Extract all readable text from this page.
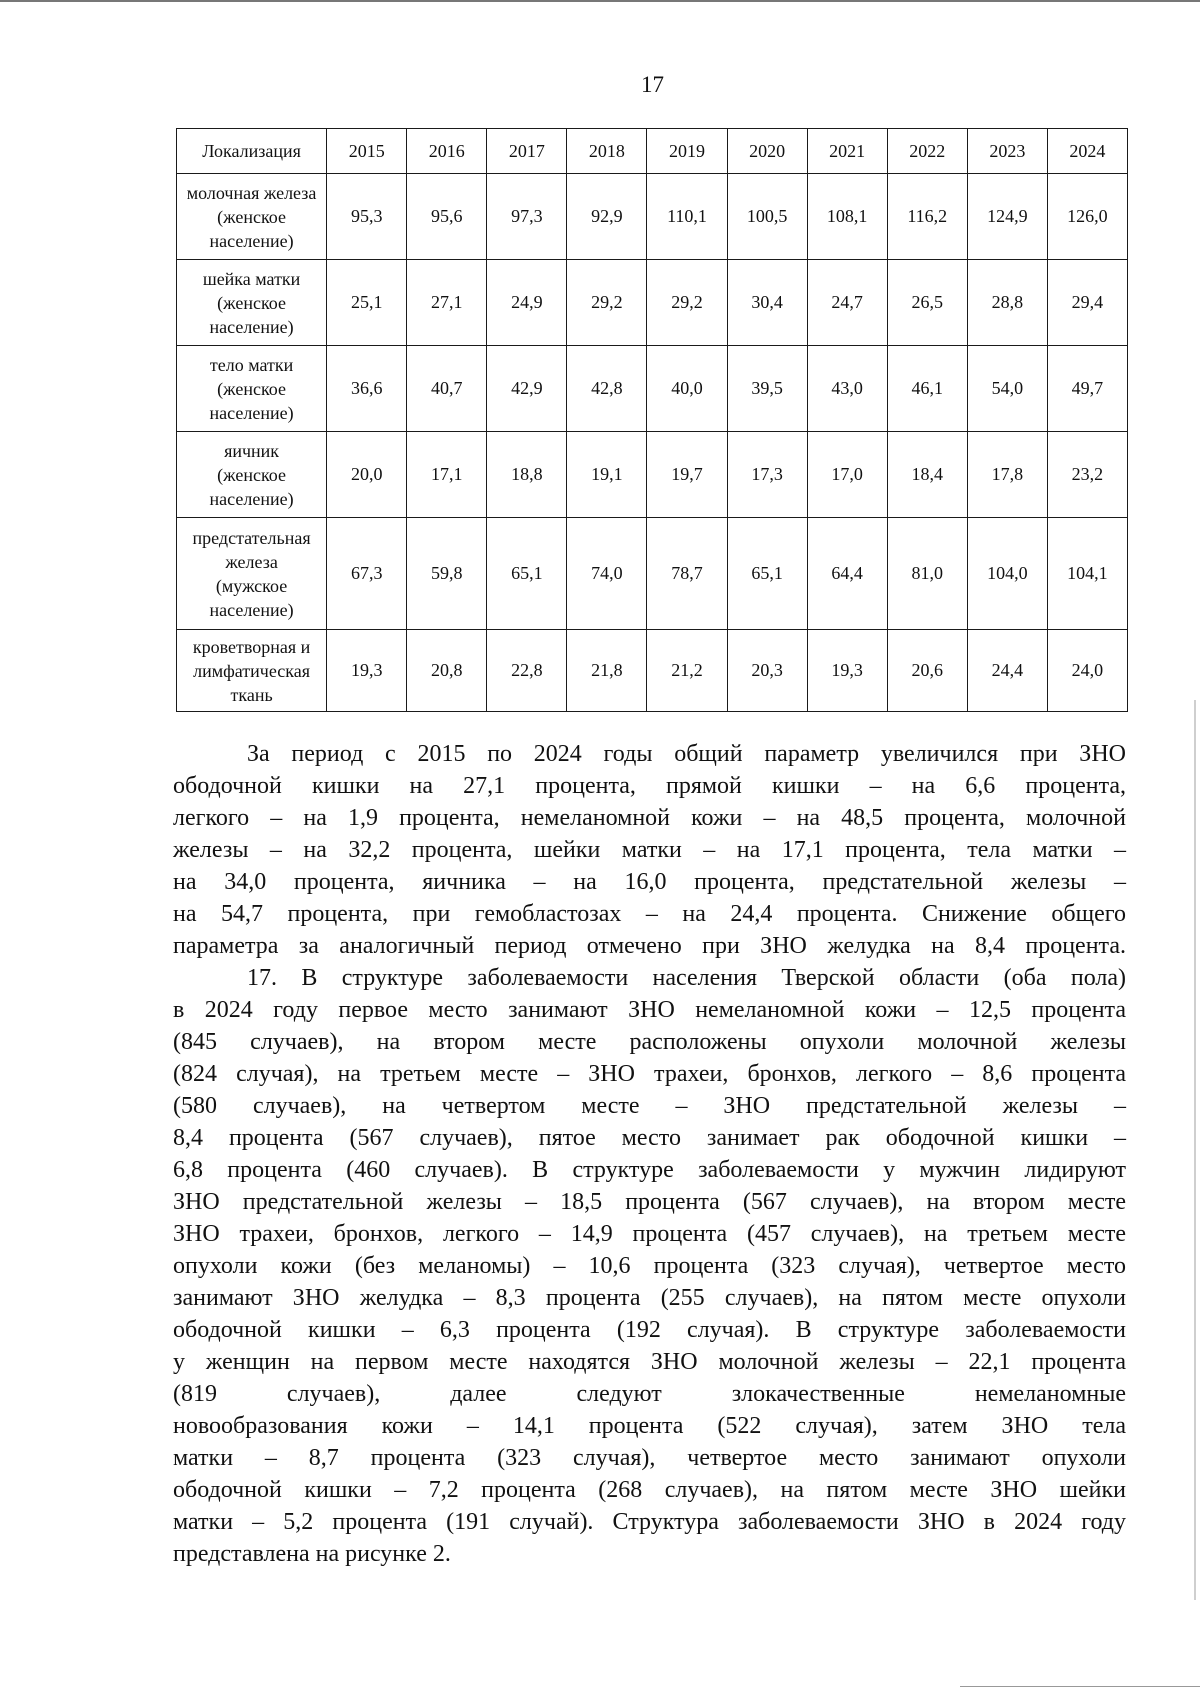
17
Локализация	2015	2016	2017	2018	2019	2020	2021	2022	2023	2024
молочная железа
(женское
население)	95,3	95,6	97,3	92,9	110,1	100,5	108,1	116,2	124,9	126,0
шейка матки
(женское
население)	25,1	27,1	24,9	29,2	29,2	30,4	24,7	26,5	28,8	29,4
тело матки
(женское
население)	36,6	40,7	42,9	42,8	40,0	39,5	43,0	46,1	54,0	49,7
яичник
(женское
население)	20,0	17,1	18,8	19,1	19,7	17,3	17,0	18,4	17,8	23,2
предстательная
железа
(мужское
население)	67,3	59,8	65,1	74,0	78,7	65,1	64,4	81,0	104,0	104,1
кроветворная и
лимфатическая
ткань	19,3	20,8	22,8	21,8	21,2	20,3	19,3	20,6	24,4	24,0
За период с 2015 по 2024 годы общий параметр увеличился при ЗНО
ободочной кишки на 27,1 процента, прямой кишки – на 6,6 процента,
легкого – на 1,9 процента, немеланомной кожи – на 48,5 процента, молочной
железы – на 32,2 процента, шейки матки – на 17,1 процента, тела матки –
на 34,0 процента, яичника – на 16,0 процента, предстательной железы –
на 54,7 процента, при гемобластозах – на 24,4 процента. Снижение общего
параметра за аналогичный период отмечено при ЗНО желудка на 8,4 процента.
17. В структуре заболеваемости населения Тверской области (оба пола)
в 2024 году первое место занимают ЗНО немеланомной кожи – 12,5 процента
(845 случаев), на втором месте расположены опухоли молочной железы
(824 случая), на третьем месте – ЗНО трахеи, бронхов, легкого – 8,6 процента
(580 случаев), на четвертом месте – ЗНО предстательной железы –
8,4 процента (567 случаев), пятое место занимает рак ободочной кишки –
6,8 процента (460 случаев). В структуре заболеваемости у мужчин лидируют
ЗНО предстательной железы – 18,5 процента (567 случаев), на втором месте
ЗНО трахеи, бронхов, легкого – 14,9 процента (457 случаев), на третьем месте
опухоли кожи (без меланомы) – 10,6 процента (323 случая), четвертое место
занимают ЗНО желудка – 8,3 процента (255 случаев), на пятом месте опухоли
ободочной кишки – 6,3 процента (192 случая). В структуре заболеваемости
у женщин на первом месте находятся ЗНО молочной железы – 22,1 процента
(819 случаев), далее следуют злокачественные немеланомные
новообразования кожи – 14,1 процента (522 случая), затем ЗНО тела
матки – 8,7 процента (323 случая), четвертое место занимают опухоли
ободочной кишки – 7,2 процента (268 случаев), на пятом месте ЗНО шейки
матки – 5,2 процента (191 случай). Структура заболеваемости ЗНО в 2024 году
представлена на рисунке 2.
